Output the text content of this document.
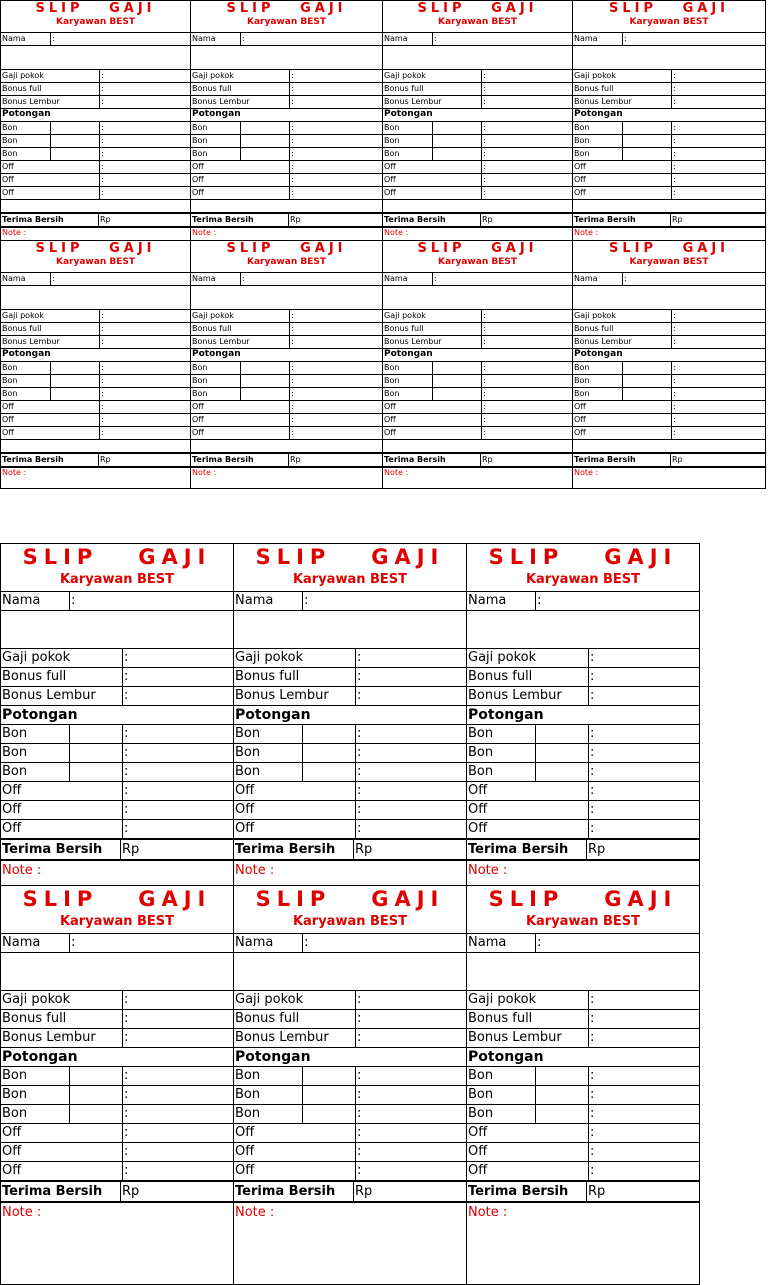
SLIP   GAJI
Karyawan BEST
Nama	:
Gaji pokok	:
Bonus full	:
Bonus Lembur	:
Potongan
Bon	:
Bon	:
Bon	:
Off	:
Off	:
Off	:
Terima Bersih	Rp
Note :
SLIP   GAJI
Karyawan BEST
Nama	:
Gaji pokok	:
Bonus full	:
Bonus Lembur	:
Potongan
Bon	:
Bon	:
Bon	:
Off	:
Off	:
Off	:
Terima Bersih	Rp
Note :
SLIP   GAJI
Karyawan BEST
Nama	:
Gaji pokok	:
Bonus full	:
Bonus Lembur	:
Potongan
Bon	:
Bon	:
Bon	:
Off	:
Off	:
Off	:
Terima Bersih	Rp
Note :
SLIP   GAJI
Karyawan BEST
Nama	:
Gaji pokok	:
Bonus full	:
Bonus Lembur	:
Potongan
Bon	:
Bon	:
Bon	:
Off	:
Off	:
Off	:
Terima Bersih	Rp
Note :
SLIP   GAJI
Karyawan BEST
Nama	:
Gaji pokok	:
Bonus full	:
Bonus Lembur	:
Potongan
Bon	:
Bon	:
Bon	:
Off	:
Off	:
Off	:
Terima Bersih	Rp
Note :
SLIP   GAJI
Karyawan BEST
Nama	:
Gaji pokok	:
Bonus full	:
Bonus Lembur	:
Potongan
Bon	:
Bon	:
Bon	:
Off	:
Off	:
Off	:
Terima Bersih	Rp
Note :
SLIP   GAJI
Karyawan BEST
Nama	:
Gaji pokok	:
Bonus full	:
Bonus Lembur	:
Potongan
Bon	:
Bon	:
Bon	:
Off	:
Off	:
Off	:
Terima Bersih	Rp
Note :
SLIP   GAJI
Karyawan BEST
Nama	:
Gaji pokok	:
Bonus full	:
Bonus Lembur	:
Potongan
Bon	:
Bon	:
Bon	:
Off	:
Off	:
Off	:
Terima Bersih	Rp
Note :
SLIP   GAJI
Karyawan BEST
Nama :
Gaji pokok	:
Bonus full	:
Bonus Lembur :
Potongan
Bon	:
Bon	:
Bon	:
Off	:
Off	:
Off	:
Terima Bersih Rp
Note :
SLIP   GAJI
Karyawan BEST
Nama :
Gaji pokok	:
Bonus full	:
Bonus Lembur :
Potongan
Bon	:
Bon	:
Bon	:
Off	:
Off	:
Off	:
Terima Bersih Rp
Note :
SLIP   GAJI
Karyawan BEST
Nama :
Gaji pokok	:
Bonus full	:
Bonus Lembur :
Potongan
Bon	:
Bon	:
Bon	:
Off	:
Off	:
Off	:
Terima Bersih Rp
Note :
SLIP   GAJI
Karyawan BEST
Nama :
Gaji pokok	:
Bonus full	:
Bonus Lembur :
Potongan
Bon	:
Bon	:
Bon	:
Off	:
Off	:
Off	:
Terima Bersih Rp
Note :
SLIP   GAJI
Karyawan BEST
Nama :
Gaji pokok	:
Bonus full	:
Bonus Lembur :
Potongan
Bon	:
Bon	:
Bon	:
Off	:
Off	:
Off	:
Terima Bersih Rp
Note :
SLIP   GAJI
Karyawan BEST
Nama :
Gaji pokok	:
Bonus full	:
Bonus Lembur :
Potongan
Bon	:
Bon	:
Bon	:
Off	:
Off	:
Off	:
Terima Bersih Rp
Note :
